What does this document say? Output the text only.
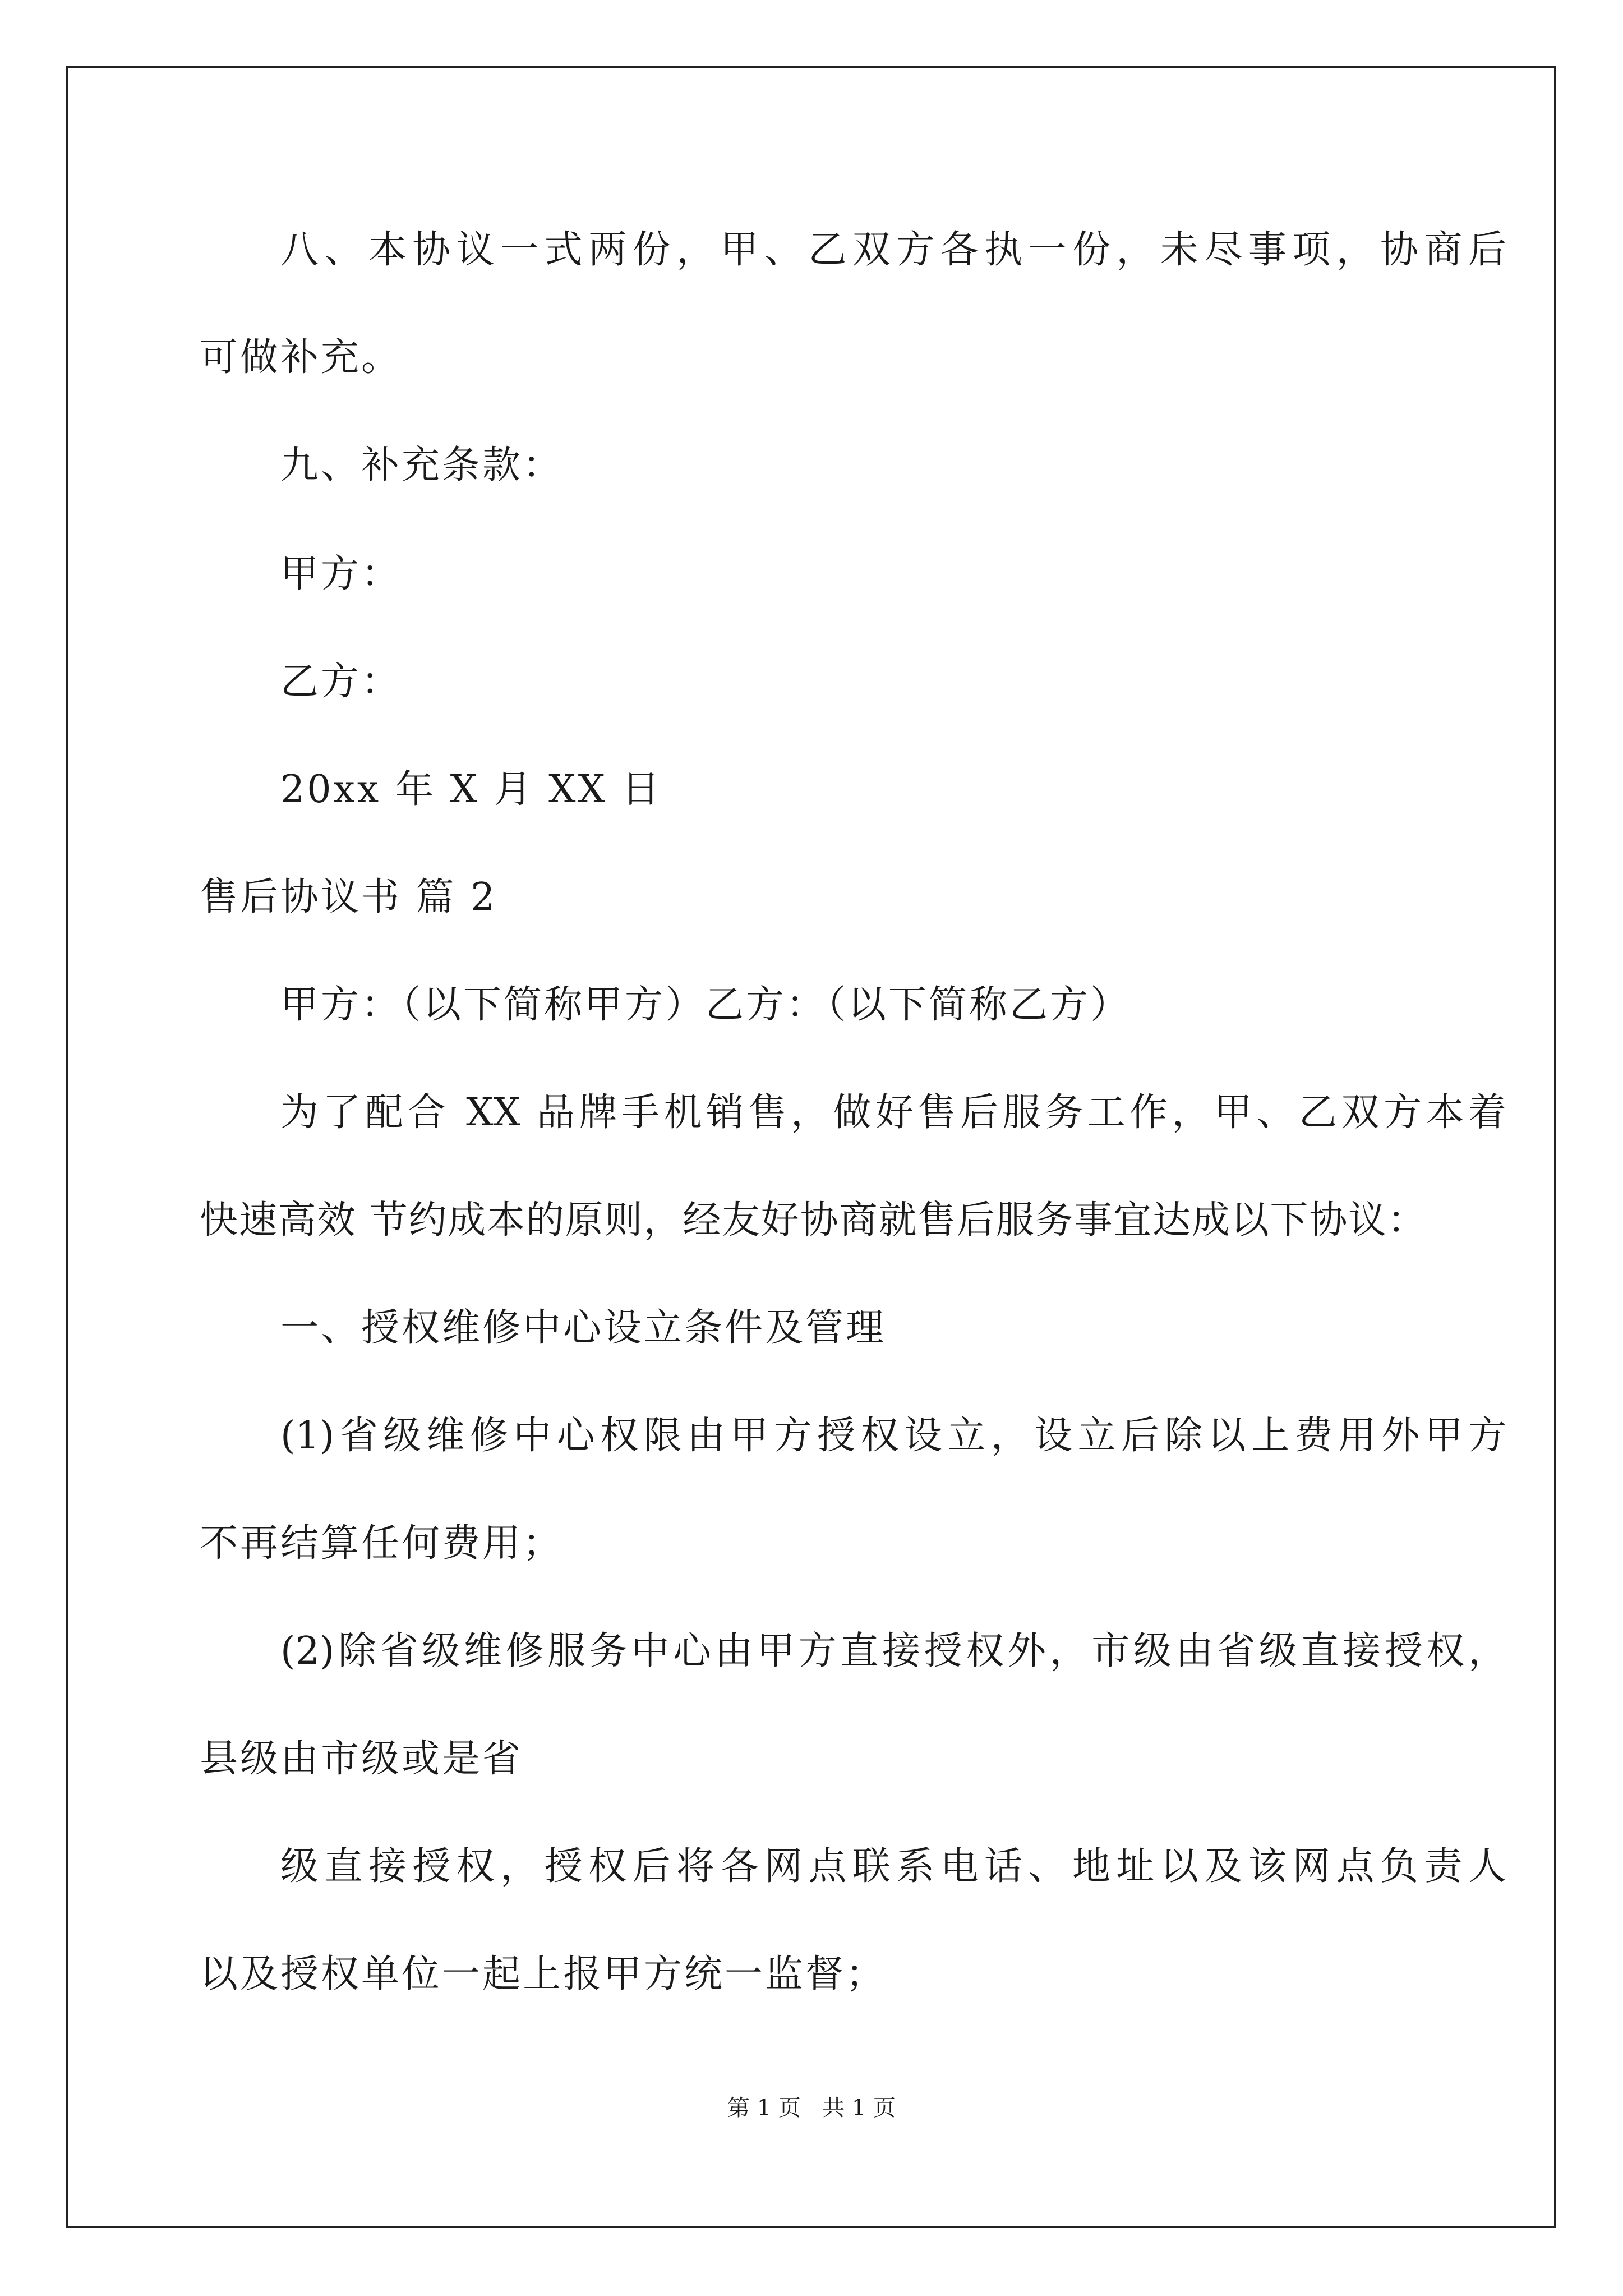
八、本协议一式两份，甲、乙双方各执一份，未尽事项，协商后
可做补充。
九、补充条款：
甲方：
乙方：
20xx 年 X 月 XX 日
售后协议书 篇 2
甲方：（以下简称甲方）乙方：（以下简称乙方）
为了配合 XX 品牌手机销售，做好售后服务工作，甲、乙双方本着
快速高效 节约成本的原则，经友好协商就售后服务事宜达成以下协议：
一、授权维修中心设立条件及管理
(1)省级维修中心权限由甲方授权设立，设立后除以上费用外甲方
不再结算任何费用；
(2)除省级维修服务中心由甲方直接授权外，市级由省级直接授权，
县级由市级或是省
级直接授权，授权后将各网点联系电话、地址以及该网点负责人
以及授权单位一起上报甲方统一监督；
第 1 页   共 1 页
